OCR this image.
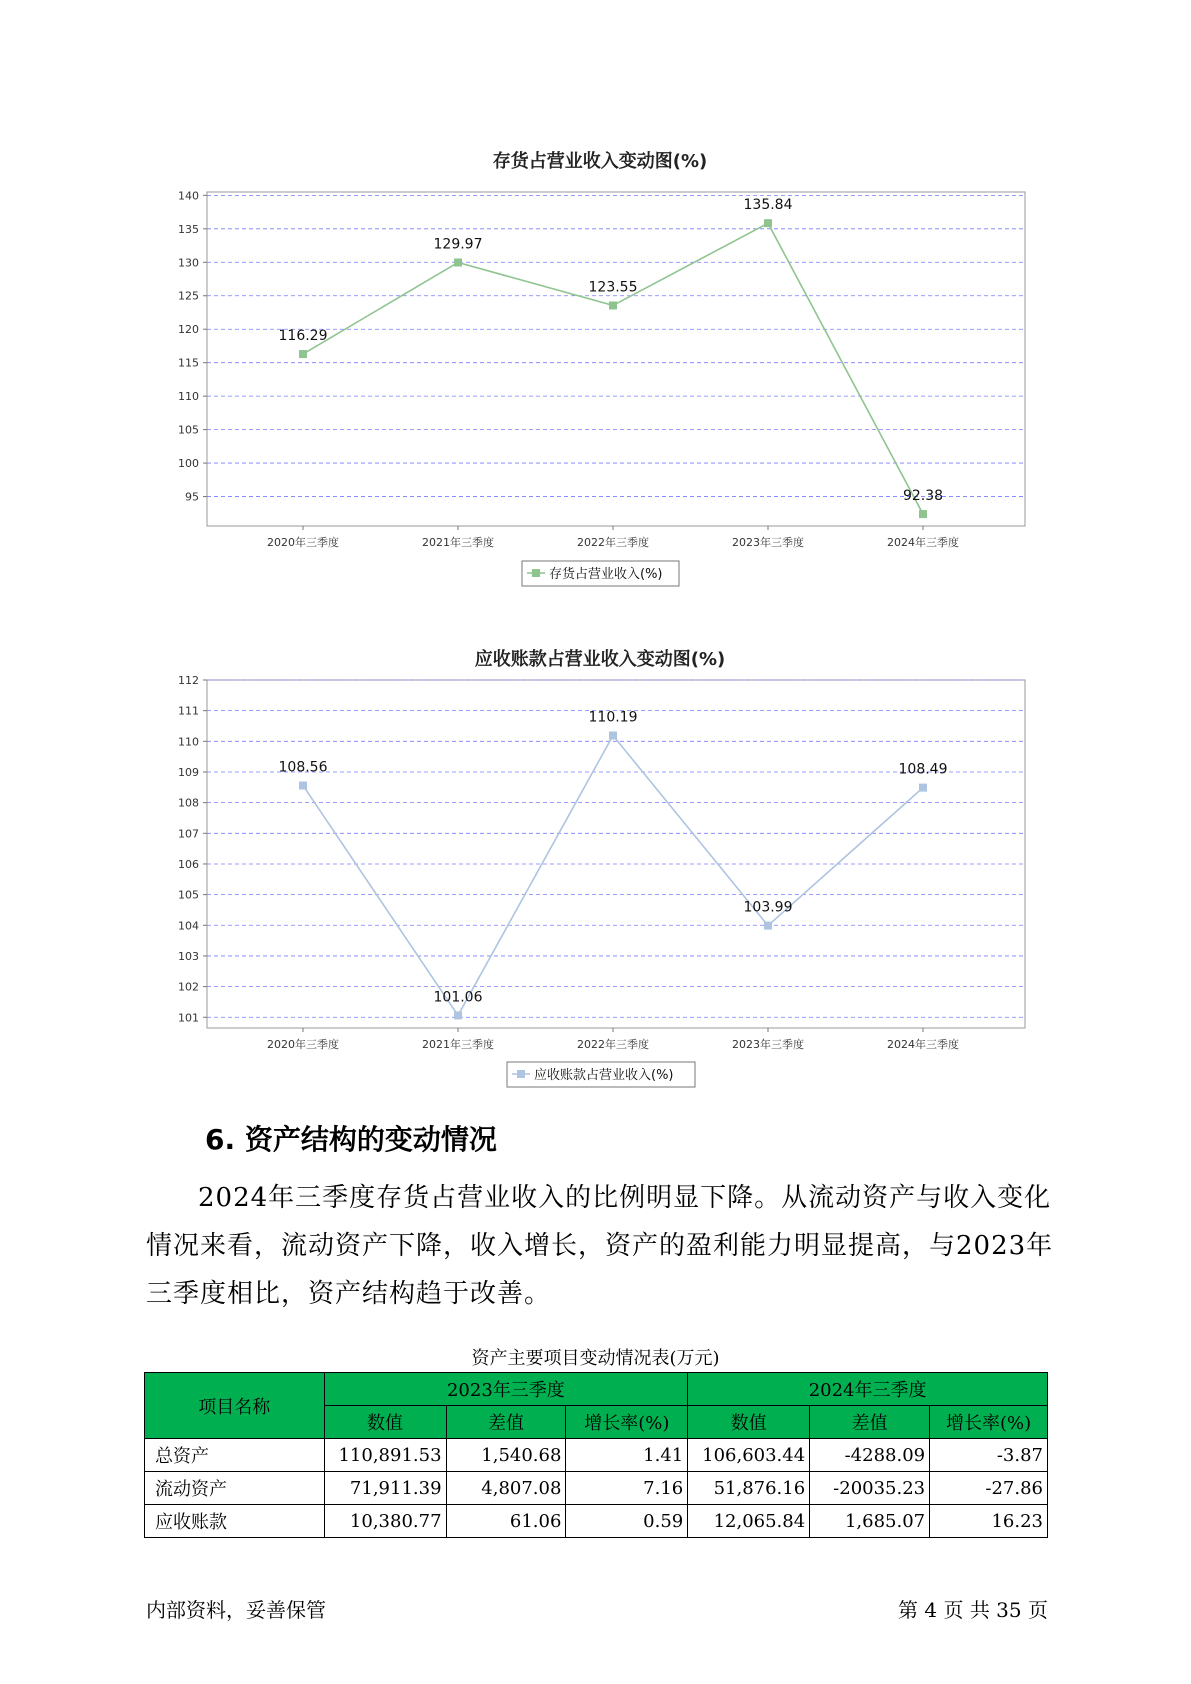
存货占营业收入变动图(%)
95
100
105
110
115
120
125
130
135
140
2020年三季度	2021年三季度	2022年三季度	2023年三季度	2024年三季度
116.29
129.97
123.55
135.84
92.38
存货占营业收入(%)
应收账款占营业收入变动图(%)
101
102
103
104
105
106
107
108
109
110
111
112
2020年三季度	2021年三季度	2022年三季度	2023年三季度	2024年三季度
108.56
101.06
110.19
103.99
108.49
应收账款占营业收入(%)
6. 资产结构的变动情况

2024年三季度存货占营业收入的比例明显下降。从流动资产与收入变化情况来看，流动资产下降，收入增长，资产的盈利能力明显提高，与2023年三季度相比，资产结构趋于改善。

资产主要项目变动情况表(万元)
项目名称	2023年三季度			2024年三季度		
	数值	差值	增长率(%)	数值	差值	增长率(%)
总资产	110,891.53	1,540.68	1.41	106,603.44	-4288.09	-3.87
流动资产	71,911.39	4,807.08	7.16	51,876.16	-20035.23	-27.86
应收账款	10,380.77	61.06	0.59	12,065.84	1,685.07	16.23
内部资料，妥善保管	第 4 页 共 35 页
